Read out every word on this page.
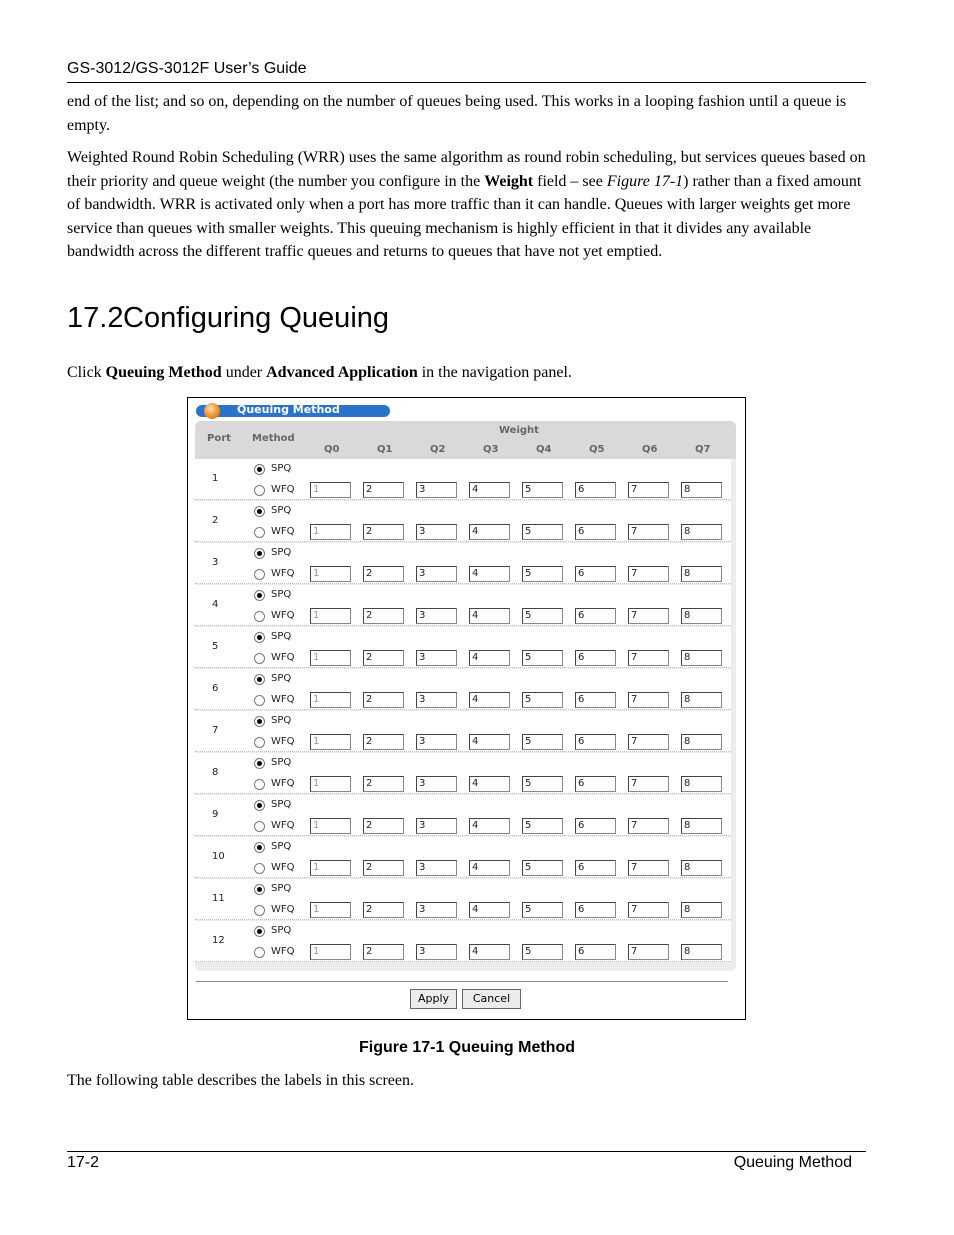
GS-3012/GS-3012F User’s Guide

end of the list; and so on, depending on the number of queues being used. This works in a looping fashion until a queue is empty.

Weighted Round Robin Scheduling (WRR) uses the same algorithm as round robin scheduling, but services queues based on their priority and queue weight (the number you configure in the Weight field – see Figure 17-1) rather than a fixed amount of bandwidth. WRR is activated only when a port has more traffic than it can handle. Queues with larger weights get more service than queues with smaller weights. This queuing mechanism is highly efficient in that it divides any available bandwidth across the different traffic queues and returns to queues that have not yet emptied.

17.2Configuring Queuing

Click Queuing Method under Advanced Application in the navigation panel.

Queuing Method
Port Method
Weight
Q0	Q1	Q2	Q3	Q4	Q5	Q6	Q7
1
SPQ
WFQ	1	2	3	4	5	6	7	8
2
SPQ
WFQ	1	2	3	4	5	6	7	8
3
SPQ
WFQ	1	2	3	4	5	6	7	8
4
SPQ
WFQ	1	2	3	4	5	6	7	8
5
SPQ
WFQ	1	2	3	4	5	6	7	8
6
SPQ
WFQ	1	2	3	4	5	6	7	8
7
SPQ
WFQ	1	2	3	4	5	6	7	8
8
SPQ
WFQ	1	2	3	4	5	6	7	8
9
SPQ
WFQ	1	2	3	4	5	6	7	8
10
SPQ
WFQ	1	2	3	4	5	6	7	8
11
SPQ
WFQ	1	2	3	4	5	6	7	8
12
SPQ
WFQ	1	2	3	4	5	6	7	8
Apply	Cancel
Figure 17-1 Queuing Method

The following table describes the labels in this screen.

17-2	Queuing Method
